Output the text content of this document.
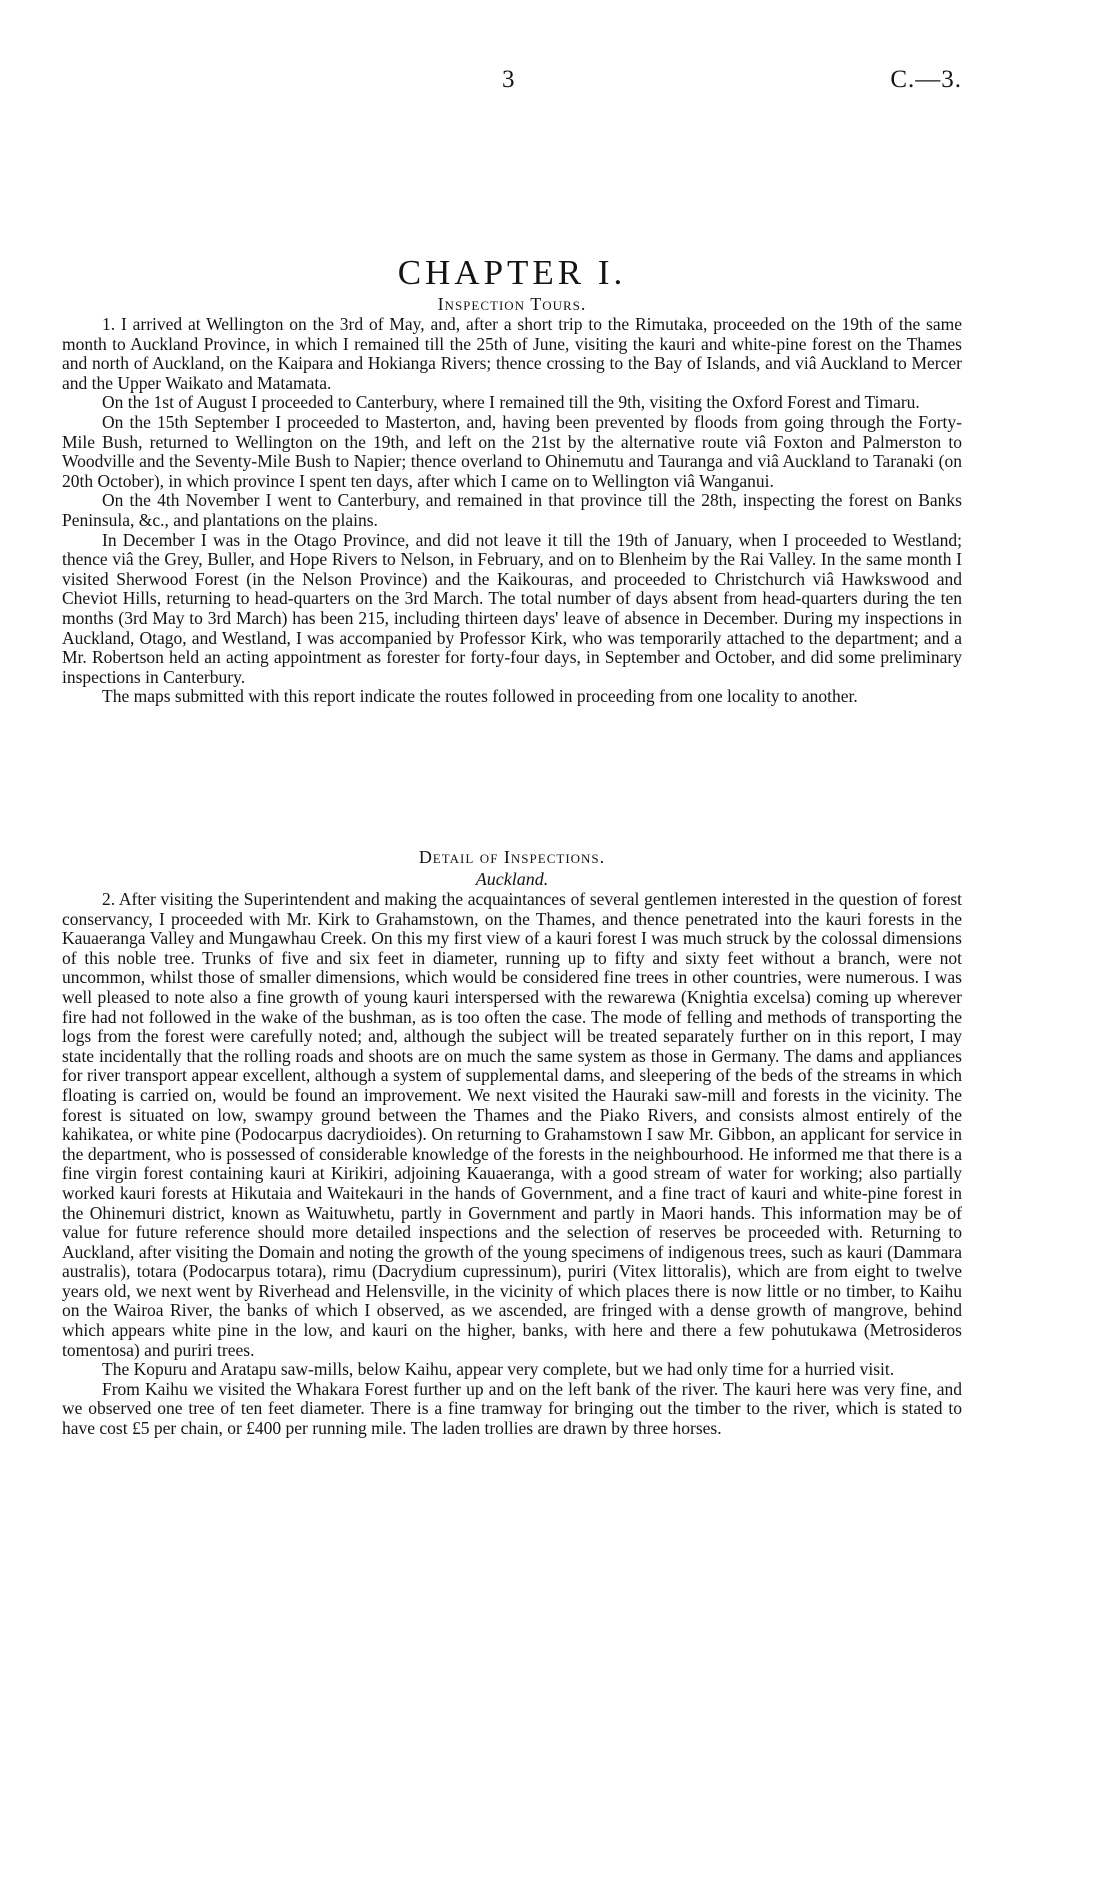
3	C.—3.
CHAPTER I.
Inspection Tours.

1. I arrived at Wellington on the 3rd of May, and, after a short trip to the Rimutaka, proceeded on the 19th of the same month to Auckland Province, in which I remained till the 25th of June, visiting the kauri and white-pine forest on the Thames and north of Auckland, on the Kaipara and Hokianga Rivers; thence crossing to the Bay of Islands, and viâ Auckland to Mercer and the Upper Waikato and Matamata.

On the 1st of August I proceeded to Canterbury, where I remained till the 9th, visiting the Oxford Forest and Timaru.

On the 15th September I proceeded to Masterton, and, having been prevented by floods from going through the Forty-Mile Bush, returned to Wellington on the 19th, and left on the 21st by the alternative route viâ Foxton and Palmerston to Woodville and the Seventy-Mile Bush to Napier; thence overland to Ohinemutu and Tauranga and viâ Auckland to Taranaki (on 20th October), in which province I spent ten days, after which I came on to Wellington viâ Wanganui.

On the 4th November I went to Canterbury, and remained in that province till the 28th, inspecting the forest on Banks Peninsula, &c., and plantations on the plains.

In December I was in the Otago Province, and did not leave it till the 19th of January, when I proceeded to Westland; thence viâ the Grey, Buller, and Hope Rivers to Nelson, in February, and on to Blenheim by the Rai Valley. In the same month I visited Sherwood Forest (in the Nelson Province) and the Kaikouras, and proceeded to Christchurch viâ Hawkswood and Cheviot Hills, returning to head-quarters on the 3rd March. The total number of days absent from head-quarters during the ten months (3rd May to 3rd March) has been 215, including thirteen days' leave of absence in December. During my inspections in Auckland, Otago, and Westland, I was accompanied by Professor Kirk, who was temporarily attached to the department; and a Mr. Robertson held an acting appointment as forester for forty-four days, in September and October, and did some preliminary inspections in Canterbury.

The maps submitted with this report indicate the routes followed in proceeding from one locality to another.

Detail of Inspections.
Auckland.

2. After visiting the Superintendent and making the acquaintances of several gentlemen interested in the question of forest conservancy, I proceeded with Mr. Kirk to Grahamstown, on the Thames, and thence penetrated into the kauri forests in the Kauaeranga Valley and Mungawhau Creek. On this my first view of a kauri forest I was much struck by the colossal dimensions of this noble tree. Trunks of five and six feet in diameter, running up to fifty and sixty feet without a branch, were not uncommon, whilst those of smaller dimensions, which would be considered fine trees in other countries, were numerous. I was well pleased to note also a fine growth of young kauri interspersed with the rewarewa (Knightia excelsa) coming up wherever fire had not followed in the wake of the bushman, as is too often the case. The mode of felling and methods of transporting the logs from the forest were carefully noted; and, although the subject will be treated separately further on in this report, I may state incidentally that the rolling roads and shoots are on much the same system as those in Germany. The dams and appliances for river transport appear excellent, although a system of supplemental dams, and sleepering of the beds of the streams in which floating is carried on, would be found an improvement. We next visited the Hauraki saw-mill and forests in the vicinity. The forest is situated on low, swampy ground between the Thames and the Piako Rivers, and consists almost entirely of the kahikatea, or white pine (Podocarpus dacrydioides). On returning to Grahamstown I saw Mr. Gibbon, an applicant for service in the department, who is possessed of considerable knowledge of the forests in the neighbourhood. He informed me that there is a fine virgin forest containing kauri at Kirikiri, adjoining Kauaeranga, with a good stream of water for working; also partially worked kauri forests at Hikutaia and Waitekauri in the hands of Government, and a fine tract of kauri and white-pine forest in the Ohinemuri district, known as Waituwhetu, partly in Government and partly in Maori hands. This information may be of value for future reference should more detailed inspections and the selection of reserves be proceeded with. Returning to Auckland, after visiting the Domain and noting the growth of the young specimens of indigenous trees, such as kauri (Dammara australis), totara (Podocarpus totara), rimu (Dacrydium cupressinum), puriri (Vitex littoralis), which are from eight to twelve years old, we next went by Riverhead and Helensville, in the vicinity of which places there is now little or no timber, to Kaihu on the Wairoa River, the banks of which I observed, as we ascended, are fringed with a dense growth of mangrove, behind which appears white pine in the low, and kauri on the higher, banks, with here and there a few pohutukawa (Metrosideros tomentosa) and puriri trees.

The Kopuru and Aratapu saw-mills, below Kaihu, appear very complete, but we had only time for a hurried visit.

From Kaihu we visited the Whakara Forest further up and on the left bank of the river. The kauri here was very fine, and we observed one tree of ten feet diameter. There is a fine tramway for bringing out the timber to the river, which is stated to have cost £5 per chain, or £400 per running mile. The laden trollies are drawn by three horses.
